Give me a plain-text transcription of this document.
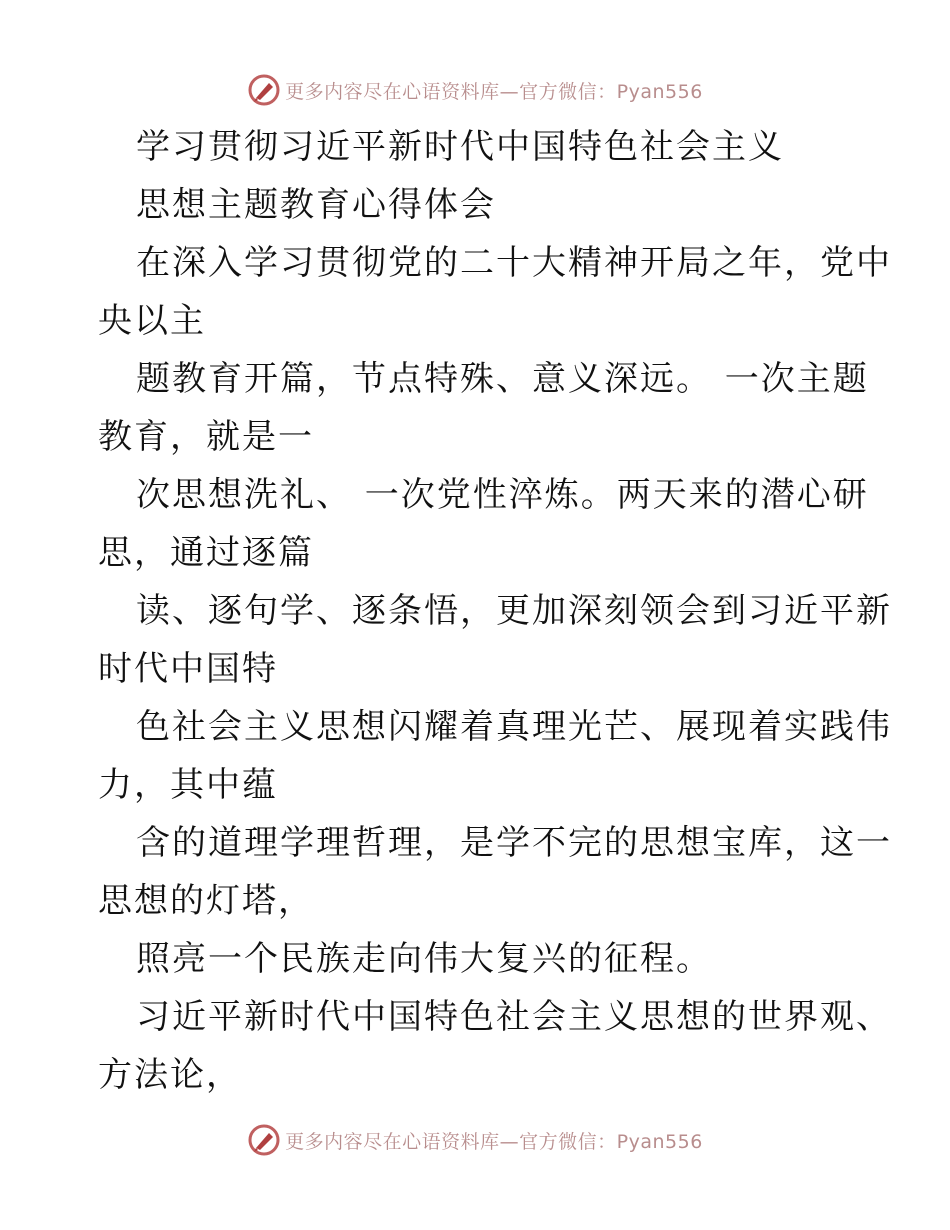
更多内容尽在心语资料库—官方微信：Pyan556
学习贯彻习近平新时代中国特色社会主义
思想主题教育心得体会
在深入学习贯彻党的二十大精神开局之年，党中
央以主
题教育开篇，节点特殊、意义深远。 一次主题
教育，就是一
次思想洗礼、 一次党性淬炼。两天来的潜心研
思，通过逐篇
读、逐句学、逐条悟，更加深刻领会到习近平新
时代中国特
色社会主义思想闪耀着真理光芒、展现着实践伟
力，其中蕴
含的道理学理哲理，是学不完的思想宝库，这一
思想的灯塔，
照亮一个民族走向伟大复兴的征程。
习近平新时代中国特色社会主义思想的世界观、
方法论，
更多内容尽在心语资料库—官方微信：Pyan556
